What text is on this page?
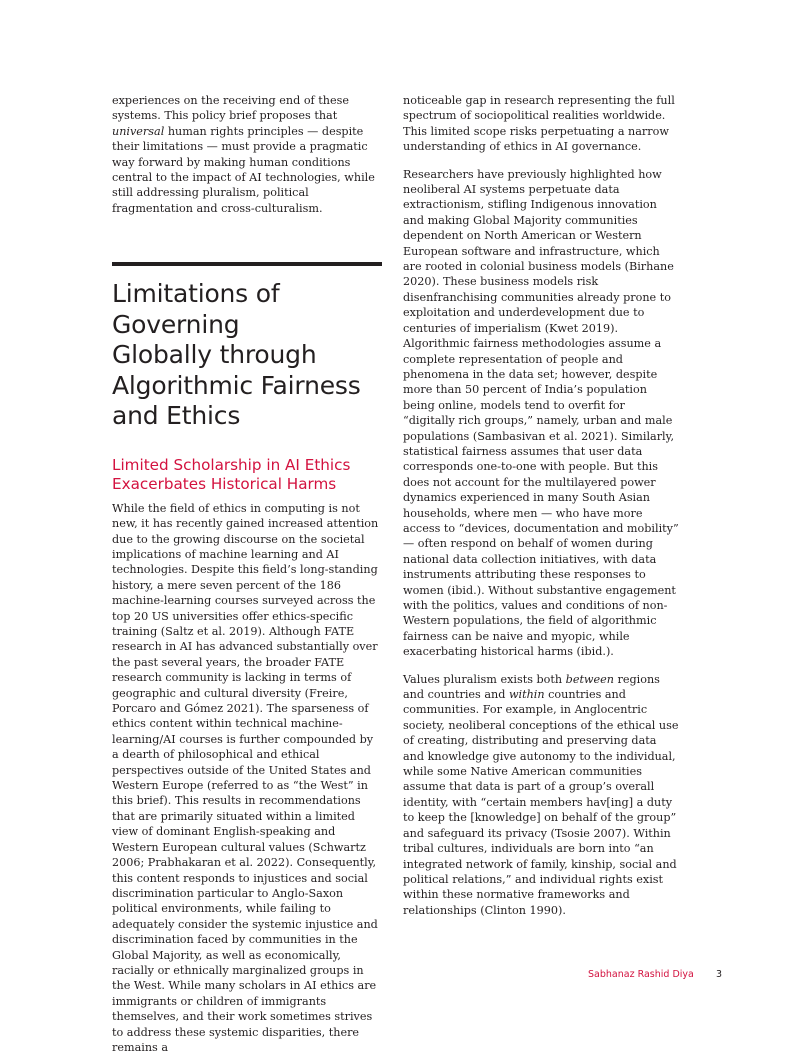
experiences on the receiving end of these systems. This policy brief proposes that universal human rights principles — despite their limitations — must provide a pragmatic way forward by making human conditions central to the impact of AI technologies, while still addressing pluralism, political fragmentation and cross-culturalism.

Limitations of Governing
Globally through
Algorithmic Fairness
and Ethics
Limited Scholarship in AI Ethics
Exacerbates Historical Harms

While the field of ethics in computing is not new, it has recently gained increased attention due to the growing discourse on the societal implications of machine learning and AI technologies. Despite this field’s long-standing history, a mere seven percent of the 186 machine-learning courses surveyed across the top 20 US universities offer ethics-specific training (Saltz et al. 2019). Although FATE research in AI has advanced substantially over the past several years, the broader FATE research community is lacking in terms of geographic and cultural diversity (Freire, Porcaro and Gómez 2021). The sparseness of ethics content within technical machine-learning/AI courses is further compounded by a dearth of philosophical and ethical perspectives outside of the United States and Western Europe (referred to as “the West” in this brief). This results in recommendations that are primarily situated within a limited view of dominant English-speaking and Western European cultural values (Schwartz 2006; Prabhakaran et al. 2022). Consequently, this content responds to injustices and social discrimination particular to Anglo-Saxon political environments, while failing to adequately consider the systemic injustice and discrimination faced by communities in the Global Majority, as well as economically, racially or ethnically marginalized groups in the West. While many scholars in AI ethics are immigrants or children of immigrants themselves, and their work sometimes strives to address these systemic disparities, there remains a

noticeable gap in research representing the full spectrum of sociopolitical realities worldwide. This limited scope risks perpetuating a narrow understanding of ethics in AI governance.

Researchers have previously highlighted how neoliberal AI systems perpetuate data extractionism, stifling Indigenous innovation and making Global Majority communities dependent on North American or Western European software and infrastructure, which are rooted in colonial business models (Birhane 2020). These business models risk disenfranchising communities already prone to exploitation and underdevelopment due to centuries of imperialism (Kwet 2019). Algorithmic fairness methodologies assume a complete representation of people and phenomena in the data set; however, despite more than 50 percent of India’s population being online, models tend to overfit for “digitally rich groups,” namely, urban and male populations (Sambasivan et al. 2021). Similarly, statistical fairness assumes that user data corresponds one-to-one with people. But this does not account for the multilayered power dynamics experienced in many South Asian households, where men — who have more access to “devices, documentation and mobility” — often respond on behalf of women during national data collection initiatives, with data instruments attributing these responses to women (ibid.). Without substantive engagement with the politics, values and conditions of non-Western populations, the field of algorithmic fairness can be naive and myopic, while exacerbating historical harms (ibid.).

Values pluralism exists both between regions and countries and within countries and communities. For example, in Anglocentric society, neoliberal conceptions of the ethical use of creating, distributing and preserving data and knowledge give autonomy to the individual, while some Native American communities assume that data is part of a group’s overall identity, with “certain members hav[ing] a duty to keep the [knowledge] on behalf of the group” and safeguard its privacy (Tsosie 2007). Within tribal cultures, individuals are born into “an integrated network of family, kinship, social and political relations,” and individual rights exist within these normative frameworks and relationships (Clinton 1990).

Sabhanaz Rashid Diya 3
